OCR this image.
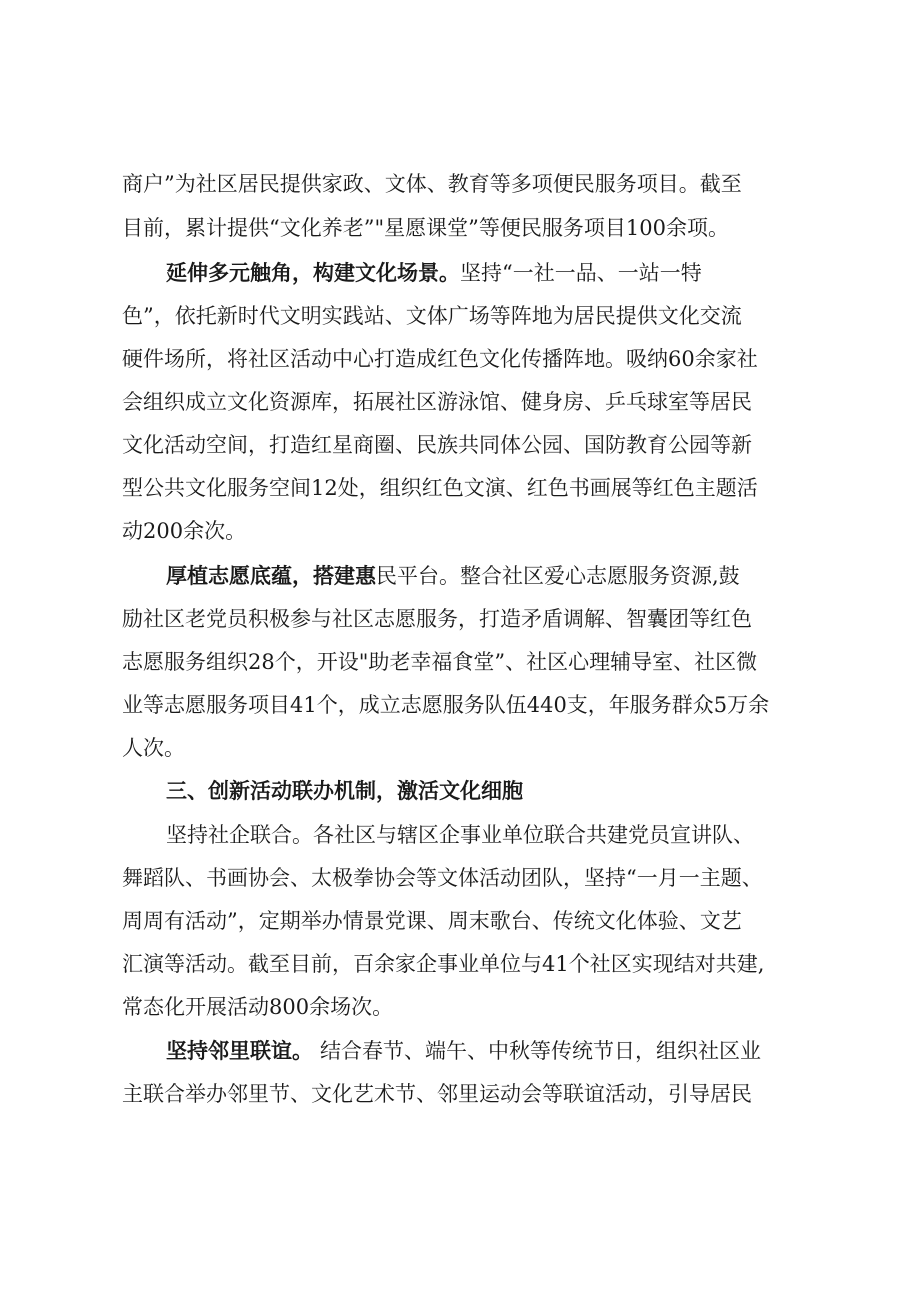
商户”为社区居民提供家政、文体、教育等多项便民服务项目。截至
目前，累计提供“文化养老”"星愿课堂”等便民服务项目100余项。
延伸多元触角，构建文化场景。 坚持“一社一品、一站一特
色”，依托新时代文明实践站、文体广场等阵地为居民提供文化交流
硬件场所，将社区活动中心打造成红色文化传播阵地。吸纳60余家社
会组织成立文化资源库，拓展社区游泳馆、健身房、乒乓球室等居民
文化活动空间，打造红星商圈、民族共同体公园、国防教育公园等新
型公共文化服务空间12处，组织红色文演、红色书画展等红色主题活
动200余次。
厚植志愿底蕴，搭建惠 民平台。整合社区爱心志愿服务资源,鼓
励社区老党员积极参与社区志愿服务，打造矛盾调解、智囊团等红色
志愿服务组织28个，开设"助老幸福食堂”、社区心理辅导室、社区微
业等志愿服务项目41个，成立志愿服务队伍440支，年服务群众5万余
人次。
三、创新活动联办机制，激活文化细胞
坚持社企联合。各社区与辖区企事业单位联合共建党员宣讲队、
舞蹈队、书画协会、太极拳协会等文体活动团队，坚持“一月一主题、
周周有活动”，定期举办情景党课、周末歌台、传统文化体验、文艺
汇演等活动。截至目前，百余家企事业单位与41个社区实现结对共建,
常态化开展活动800余场次。
坚持邻里联谊。 结合春节、端午、中秋等传统节日，组织社区业
主联合举办邻里节、文化艺术节、邻里运动会等联谊活动，引导居民
